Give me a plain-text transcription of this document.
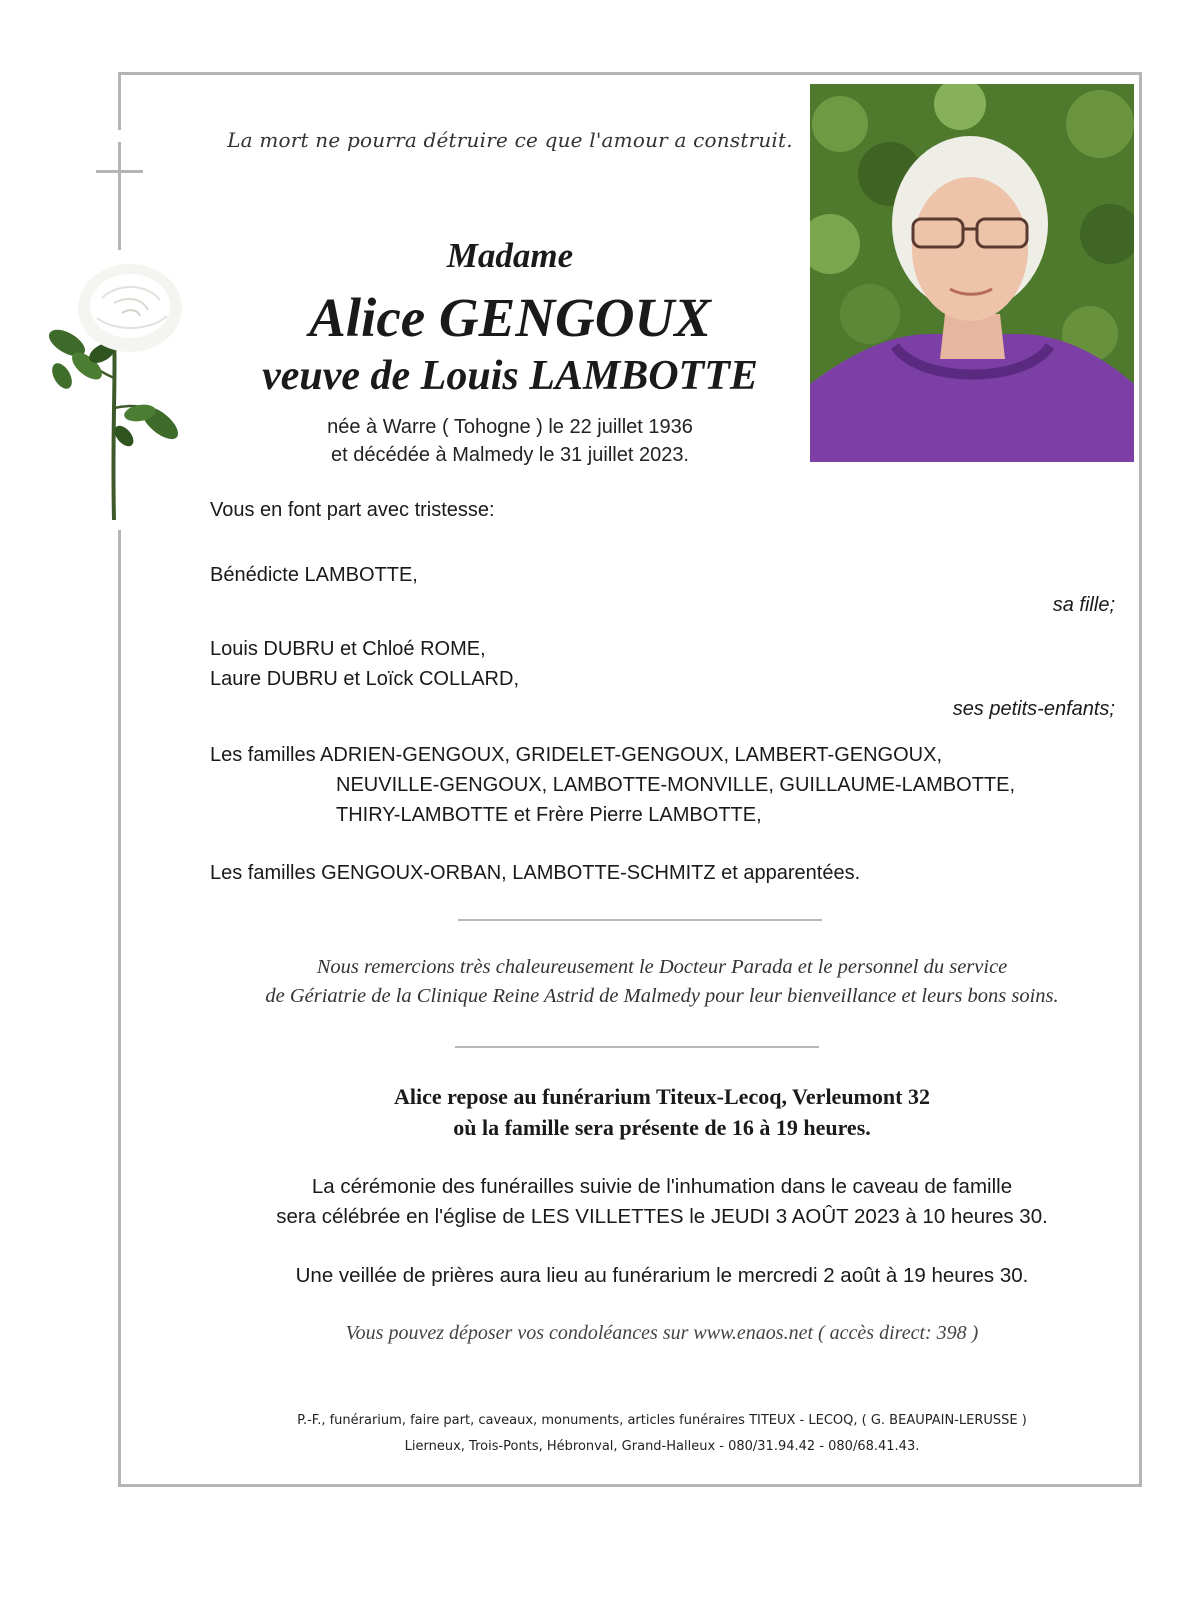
La mort ne pourra détruire ce que l'amour a construit.
Madame
Alice GENGOUX
veuve de Louis LAMBOTTE
née à Warre ( Tohogne ) le 22 juillet 1936
et décédée à Malmedy le 31 juillet 2023.
Vous en font part avec tristesse:
Bénédicte LAMBOTTE,
sa fille;
Louis DUBRU et Chloé ROME,
Laure DUBRU et Loïck COLLARD,
ses petits-enfants;
Les familles ADRIEN-GENGOUX, GRIDELET-GENGOUX, LAMBERT-GENGOUX,
NEUVILLE-GENGOUX, LAMBOTTE-MONVILLE, GUILLAUME-LAMBOTTE,
THIRY-LAMBOTTE et Frère Pierre LAMBOTTE,
Les familles GENGOUX-ORBAN, LAMBOTTE-SCHMITZ et apparentées.
Nous remercions très chaleureusement le Docteur Parada et le personnel du service
de Gériatrie de la Clinique Reine Astrid de Malmedy pour leur bienveillance et leurs bons soins.
Alice repose au funérarium Titeux-Lecoq, Verleumont 32
où la famille sera présente de 16 à 19 heures.
La cérémonie des funérailles suivie de l'inhumation dans le caveau de famille
sera célébrée en l'église de LES VILLETTES le JEUDI 3 AOÛT 2023 à 10 heures 30.
Une veillée de prières aura lieu au funérarium le mercredi 2 août à 19 heures 30.
Vous pouvez déposer vos condoléances sur www.enaos.net ( accès direct: 398 )
P.-F., funérarium, faire part, caveaux, monuments, articles funéraires TITEUX - LECOQ, ( G. BEAUPAIN-LERUSSE )
Lierneux, Trois-Ponts, Hébronval, Grand-Halleux - 080/31.94.42 - 080/68.41.43.
